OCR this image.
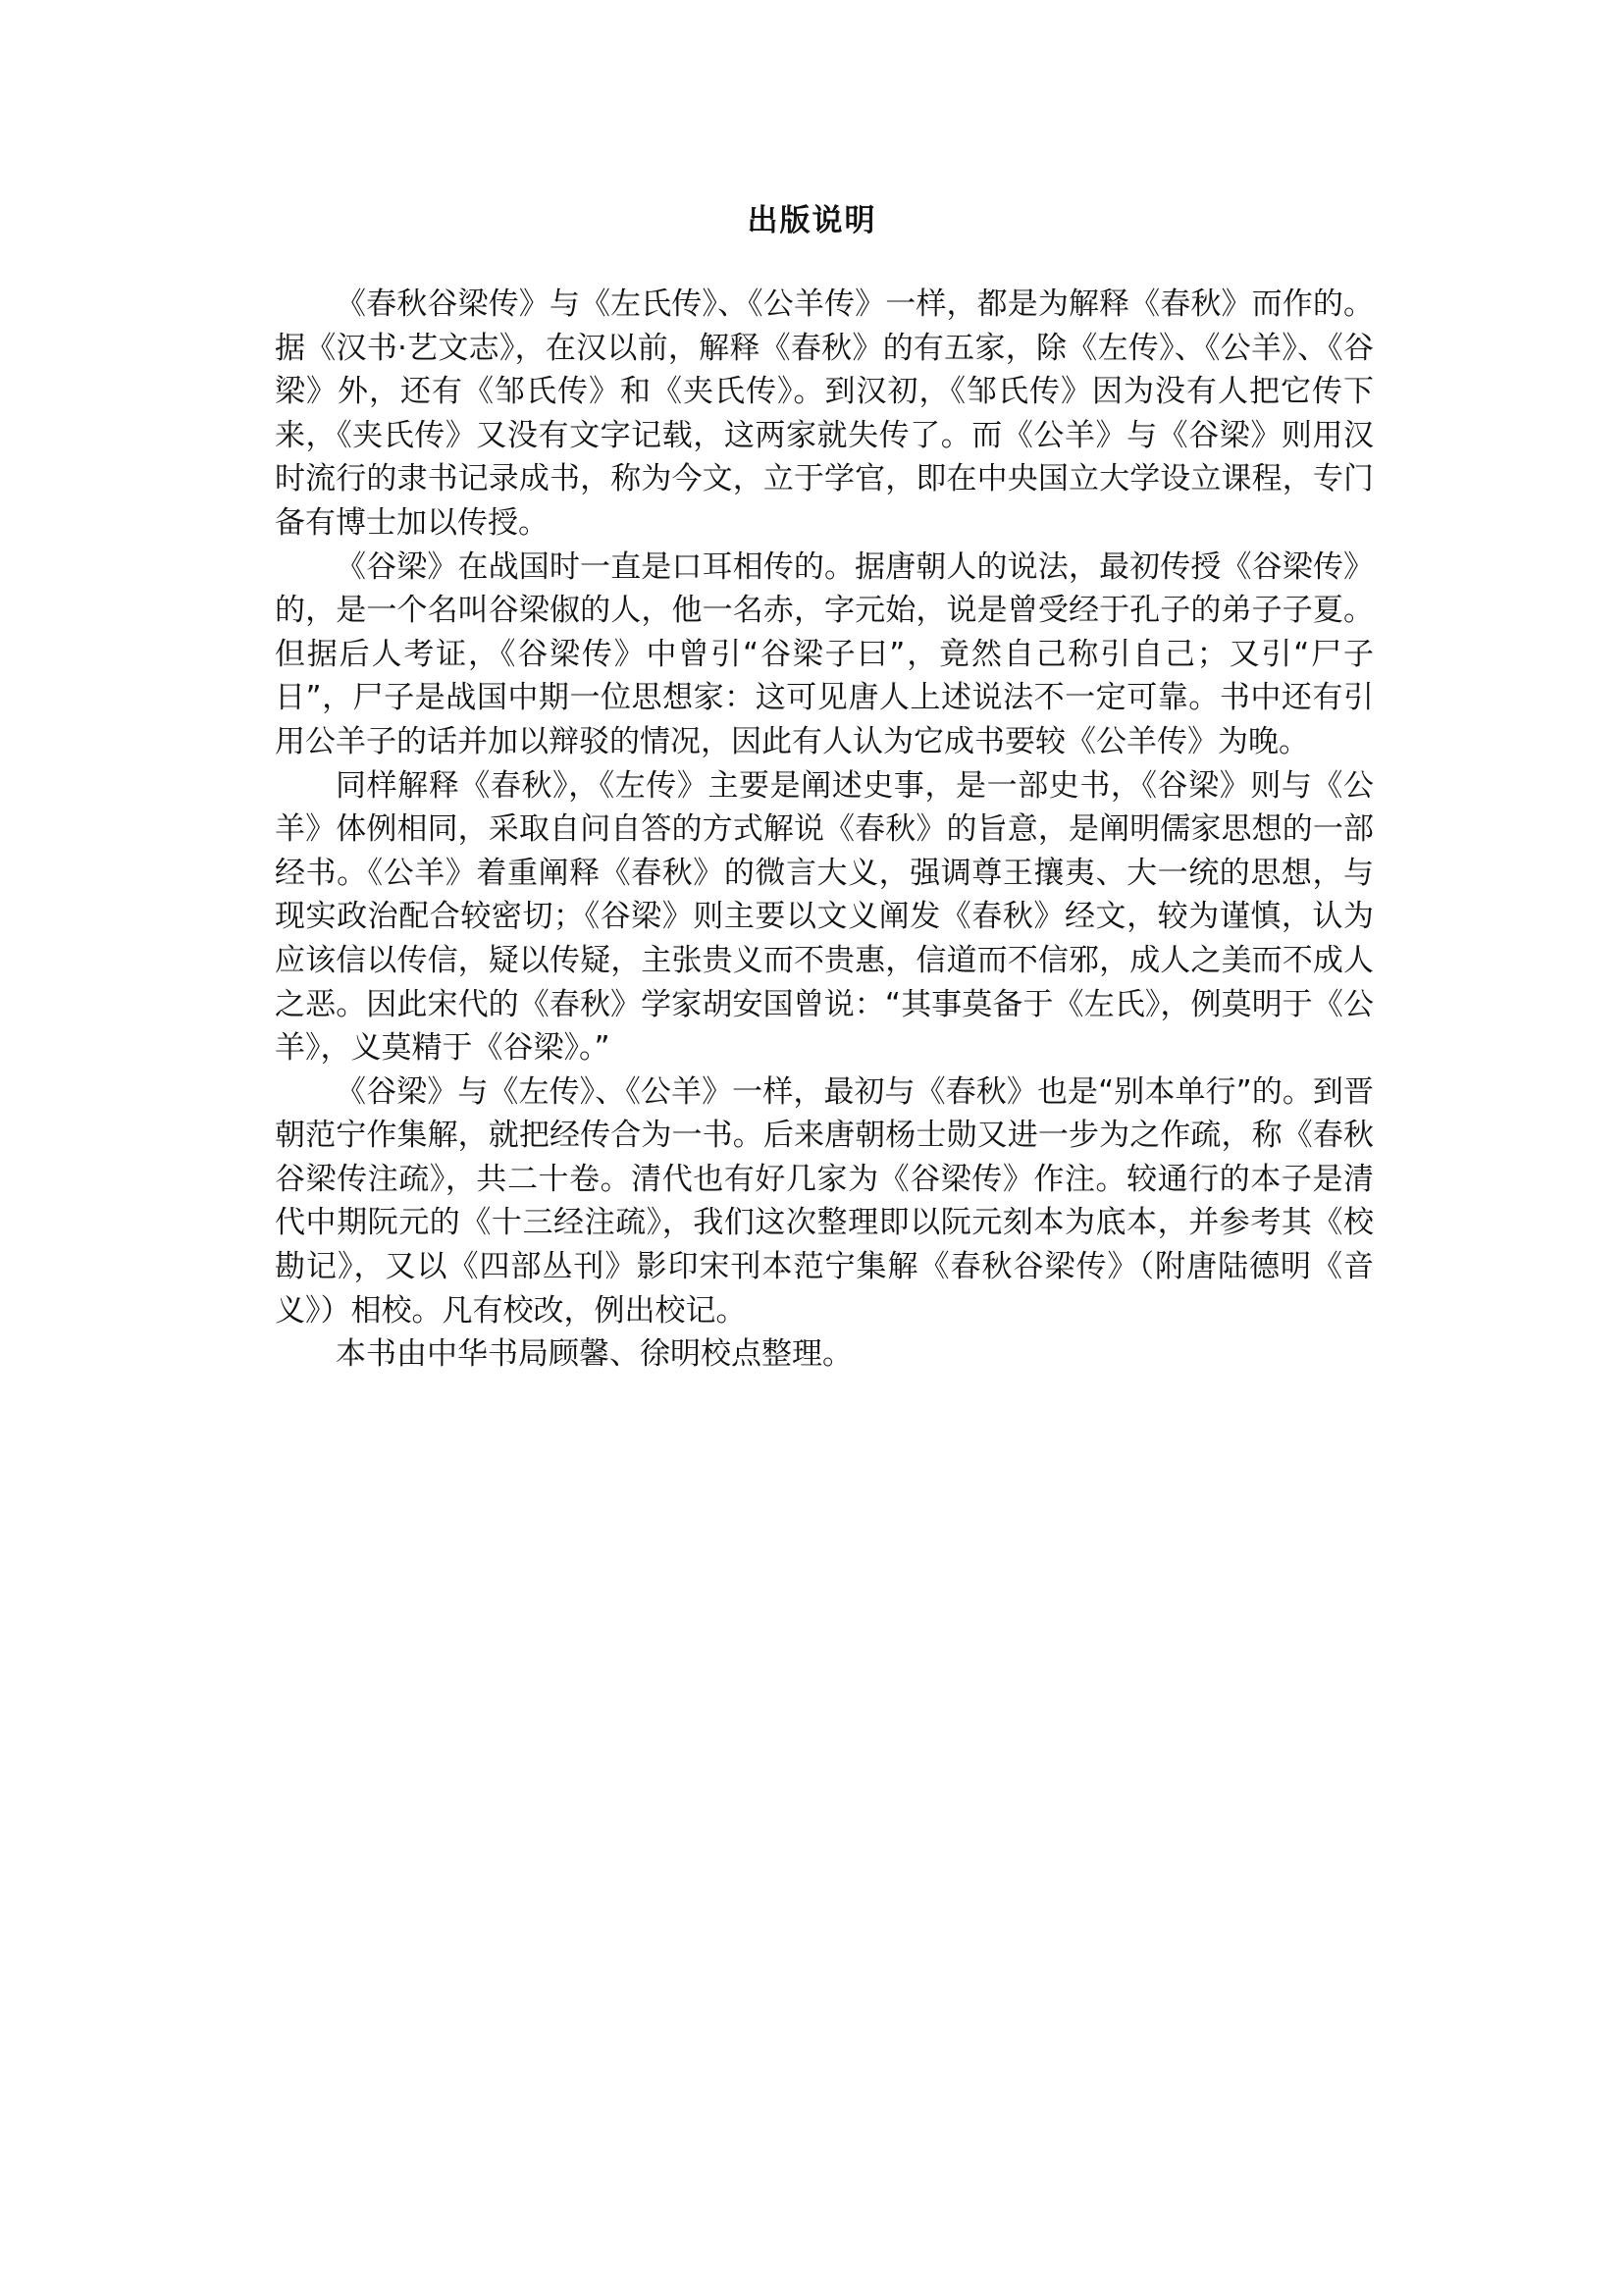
出版说明

《春秋谷梁传》与《左氏传》、《公羊传》一样，都是为解释《春秋》而作的。据《汉书·艺文志》，在汉以前，解释《春秋》的有五家，除《左传》、《公羊》、《谷梁》外，还有《邹氏传》和《夹氏传》。到汉初，《邹氏传》因为没有人把它传下来，《夹氏传》又没有文字记载，这两家就失传了。而《公羊》与《谷梁》则用汉时流行的隶书记录成书，称为今文，立于学官，即在中央国立大学设立课程，专门备有博士加以传授。

《谷梁》在战国时一直是口耳相传的。据唐朝人的说法，最初传授《谷梁传》的，是一个名叫谷梁俶的人，他一名赤，字元始，说是曾受经于孔子的弟子子夏。但据后人考证，《谷梁传》中曾引“谷梁子曰”，竟然自己称引自己；又引“尸子日”，尸子是战国中期一位思想家：这可见唐人上述说法不一定可靠。书中还有引用公羊子的话并加以辩驳的情况，因此有人认为它成书要较《公羊传》为晚。

同样解释《春秋》，《左传》主要是阐述史事，是一部史书，《谷梁》则与《公羊》体例相同，采取自问自答的方式解说《春秋》的旨意，是阐明儒家思想的一部经书。《公羊》着重阐释《春秋》的微言大义，强调尊王攘夷、大一统的思想，与现实政治配合较密切；《谷梁》则主要以文义阐发《春秋》经文，较为谨慎，认为应该信以传信，疑以传疑，主张贵义而不贵惠，信道而不信邪，成人之美而不成人之恶。因此宋代的《春秋》学家胡安国曾说：“其事莫备于《左氏》，例莫明于《公羊》，义莫精于《谷梁》。”

《谷梁》与《左传》、《公羊》一样，最初与《春秋》也是“别本单行”的。到晋朝范宁作集解，就把经传合为一书。后来唐朝杨士勋又进一步为之作疏，称《春秋谷梁传注疏》，共二十卷。清代也有好几家为《谷梁传》作注。较通行的本子是清代中期阮元的《十三经注疏》，我们这次整理即以阮元刻本为底本，并参考其《校勘记》，又以《四部丛刊》影印宋刊本范宁集解《春秋谷梁传》（附唐陆德明《音义》）相校。凡有校改，例出校记。

本书由中华书局顾馨、徐明校点整理。
